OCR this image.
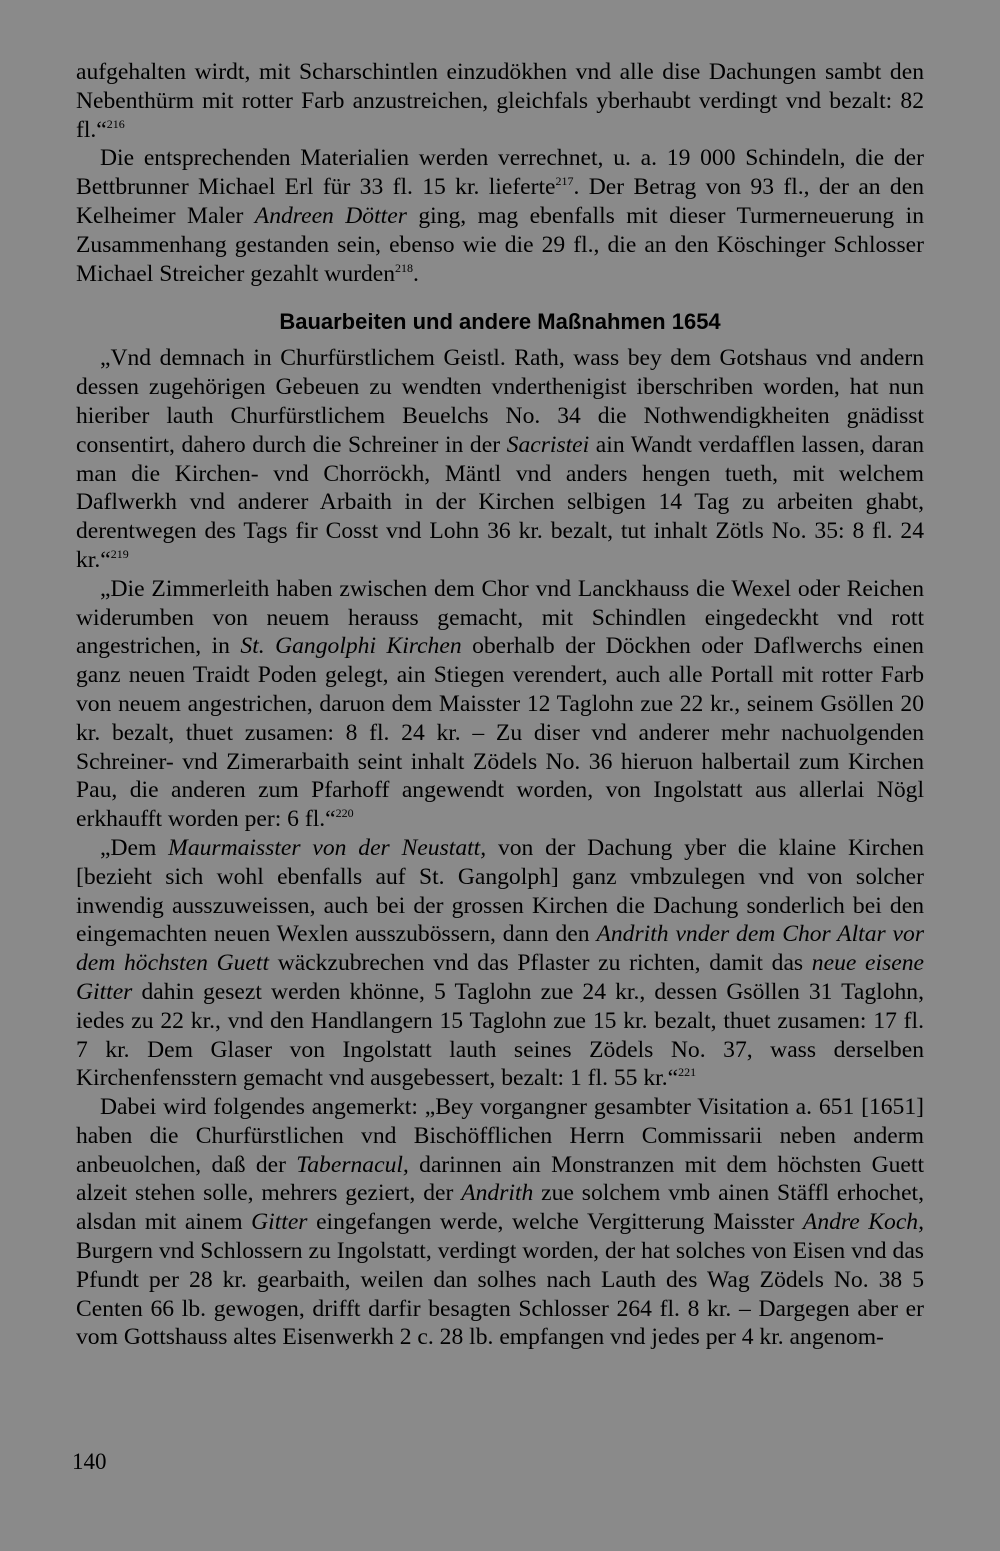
aufgehalten wirdt, mit Scharschintlen einzudökhen vnd alle dise Dachungen sambt den Nebenthürm mit rotter Farb anzustreichen, gleichfals yberhaubt verdingt vnd bezalt: 82 fl.“$^{216}$

Die entsprechenden Materialien werden verrechnet, u. a. 19 000 Schindeln, die der Bettbrunner Michael Erl für 33 fl. 15 kr. lieferte$^{217}$. Der Betrag von 93 fl., der an den Kelheimer Maler Andreen Dötter ging, mag ebenfalls mit dieser Turmerneuerung in Zusammenhang gestanden sein, ebenso wie die 29 fl., die an den Köschinger Schlosser Michael Streicher gezahlt wurden$^{218}$.

Bauarbeiten und andere Maßnahmen 1654

„Vnd demnach in Churfürstlichem Geistl. Rath, wass bey dem Gotshaus vnd andern dessen zugehörigen Gebeuen zu wendten vnderthenigist iberschriben worden, hat nun hieriber lauth Churfürstlichem Beuelchs No. 34 die Nothwendigkheiten gnädisst consentirt, dahero durch die Schreiner in der Sacristei ain Wandt verdafflen lassen, daran man die Kirchen- vnd Chorröckh, Mäntl vnd anders hengen tueth, mit welchem Daflwerkh vnd anderer Arbaith in der Kirchen selbigen 14 Tag zu arbeiten ghabt, derentwegen des Tags fir Cosst vnd Lohn 36 kr. bezalt, tut inhalt Zötls No. 35: 8 fl. 24 kr.“$^{219}$

„Die Zimmerleith haben zwischen dem Chor vnd Lanckhauss die Wexel oder Reichen widerumben von neuem herauss gemacht, mit Schindlen eingedeckht vnd rott angestrichen, in St. Gangolphi Kirchen oberhalb der Döckhen oder Daflwerchs einen ganz neuen Traidt Poden gelegt, ain Stiegen verendert, auch alle Portall mit rotter Farb von neuem angestrichen, daruon dem Maisster 12 Taglohn zue 22 kr., seinem Gsöllen 20 kr. bezalt, thuet zusamen: 8 fl. 24 kr. – Zu diser vnd anderer mehr nachuolgenden Schreiner- vnd Zimerarbaith seint inhalt Zödels No. 36 hieruon halbertail zum Kirchen Pau, die anderen zum Pfarhoff angewendt worden, von Ingolstatt aus allerlai Nögl erkhaufft worden per: 6 fl.“$^{220}$

„Dem Maurmaisster von der Neustatt, von der Dachung yber die klaine Kirchen [bezieht sich wohl ebenfalls auf St. Gangolph] ganz vmbzulegen vnd von solcher inwendig ausszuweissen, auch bei der grossen Kirchen die Dachung sonderlich bei den eingemachten neuen Wexlen ausszubössern, dann den Andrith vnder dem Chor Altar vor dem höchsten Guett wäckzubrechen vnd das Pflaster zu richten, damit das neue eisene Gitter dahin gesezt werden khönne, 5 Taglohn zue 24 kr., dessen Gsöllen 31 Taglohn, iedes zu 22 kr., vnd den Handlangern 15 Taglohn zue 15 kr. bezalt, thuet zusamen: 17 fl. 7 kr. Dem Glaser von Ingolstatt lauth seines Zödels No. 37, wass derselben Kirchenfensstern gemacht vnd ausgebessert, bezalt: 1 fl. 55 kr.“$^{221}$

Dabei wird folgendes angemerkt: „Bey vorgangner gesambter Visitation a. 651 [1651] haben die Churfürstlichen vnd Bischöfflichen Herrn Commissarii neben anderm anbeuolchen, daß der Tabernacul, darinnen ain Monstranzen mit dem höchsten Guett alzeit stehen solle, mehrers geziert, der Andrith zue solchem vmb ainen Stäffl erhochet, alsdan mit ainem Gitter eingefangen werde, welche Vergitterung Maisster Andre Koch, Burgern vnd Schlossern zu Ingolstatt, verdingt worden, der hat solches von Eisen vnd das Pfundt per 28 kr. gearbaith, weilen dan solhes nach Lauth des Wag Zödels No. 38 5 Centen 66 lb. gewogen, drifft darfir besagten Schlosser 264 fl. 8 kr. – Dargegen aber er vom Gottshauss altes Eisenwerkh 2 c. 28 lb. empfangen vnd jedes per 4 kr. angenom-

140
